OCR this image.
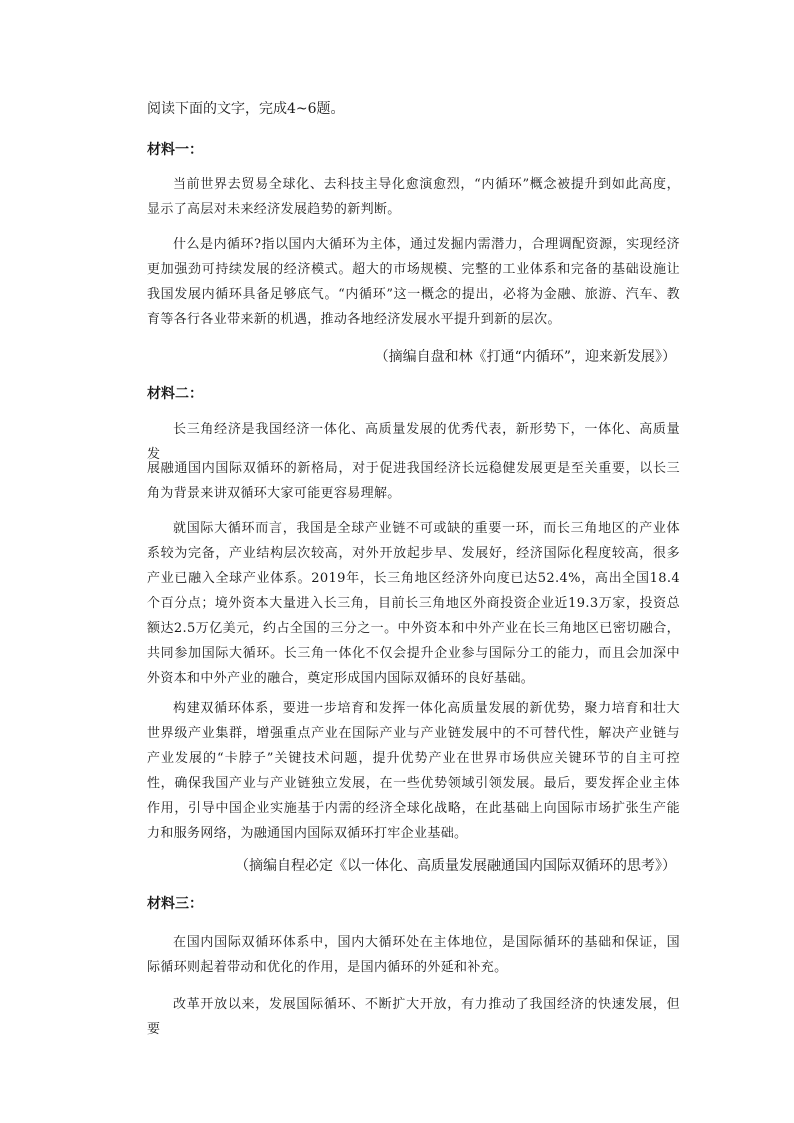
阅读下面的文字，完成4~6题。

材料一：

当前世界去贸易全球化、去科技主导化愈演愈烈，“内循环”概念被提升到如此高度，显示了高层对未来经济发展趋势的新判断。

什么是内循环?指以国内大循环为主体，通过发掘内需潜力，合理调配资源，实现经济更加强劲可持续发展的经济模式。超大的市场规模、完整的工业体系和完备的基础设施让我国发展内循环具备足够底气。“内循环”这一概念的提出，必将为金融、旅游、汽车、教育等各行各业带来新的机遇，推动各地经济发展水平提升到新的层次。

（摘编自盘和林《打通“内循环”，迎来新发展》）

材料二：

长三角经济是我国经济一体化、高质量发展的优秀代表，新形势下，一体化、高质量发

展融通国内国际双循环的新格局，对于促进我国经济长远稳健发展更是至关重要，以长三角为背景来讲双循环大家可能更容易理解。

就国际大循环而言，我国是全球产业链不可或缺的重要一环，而长三角地区的产业体系较为完备，产业结构层次较高，对外开放起步早、发展好，经济国际化程度较高，很多产业已融入全球产业体系。2019年，长三角地区经济外向度已达52.4%，高出全国18.4个百分点；境外资本大量进入长三角，目前长三角地区外商投资企业近19.3万家，投资总额达2.5万亿美元，约占全国的三分之一。中外资本和中外产业在长三角地区已密切融合，共同参加国际大循环。长三角一体化不仅会提升企业参与国际分工的能力，而且会加深中外资本和中外产业的融合，奠定形成国内国际双循环的良好基础。

构建双循环体系，要进一步培育和发挥一体化高质量发展的新优势，聚力培育和壮大世界级产业集群，增强重点产业在国际产业与产业链发展中的不可替代性，解决产业链与产业发展的“卡脖子”关键技术问题，提升优势产业在世界市场供应关键环节的自主可控性，确保我国产业与产业链独立发展，在一些优势领域引领发展。最后，要发挥企业主体作用，引导中国企业实施基于内需的经济全球化战略，在此基础上向国际市场扩张生产能力和服务网络，为融通国内国际双循环打牢企业基础。

（摘编自程必定《以一体化、高质量发展融通国内国际双循环的思考》）

材料三：

在国内国际双循环体系中，国内大循环处在主体地位，是国际循环的基础和保证，国际循环则起着带动和优化的作用，是国内循环的外延和补充。

改革开放以来，发展国际循环、不断扩大开放，有力推动了我国经济的快速发展，但要
